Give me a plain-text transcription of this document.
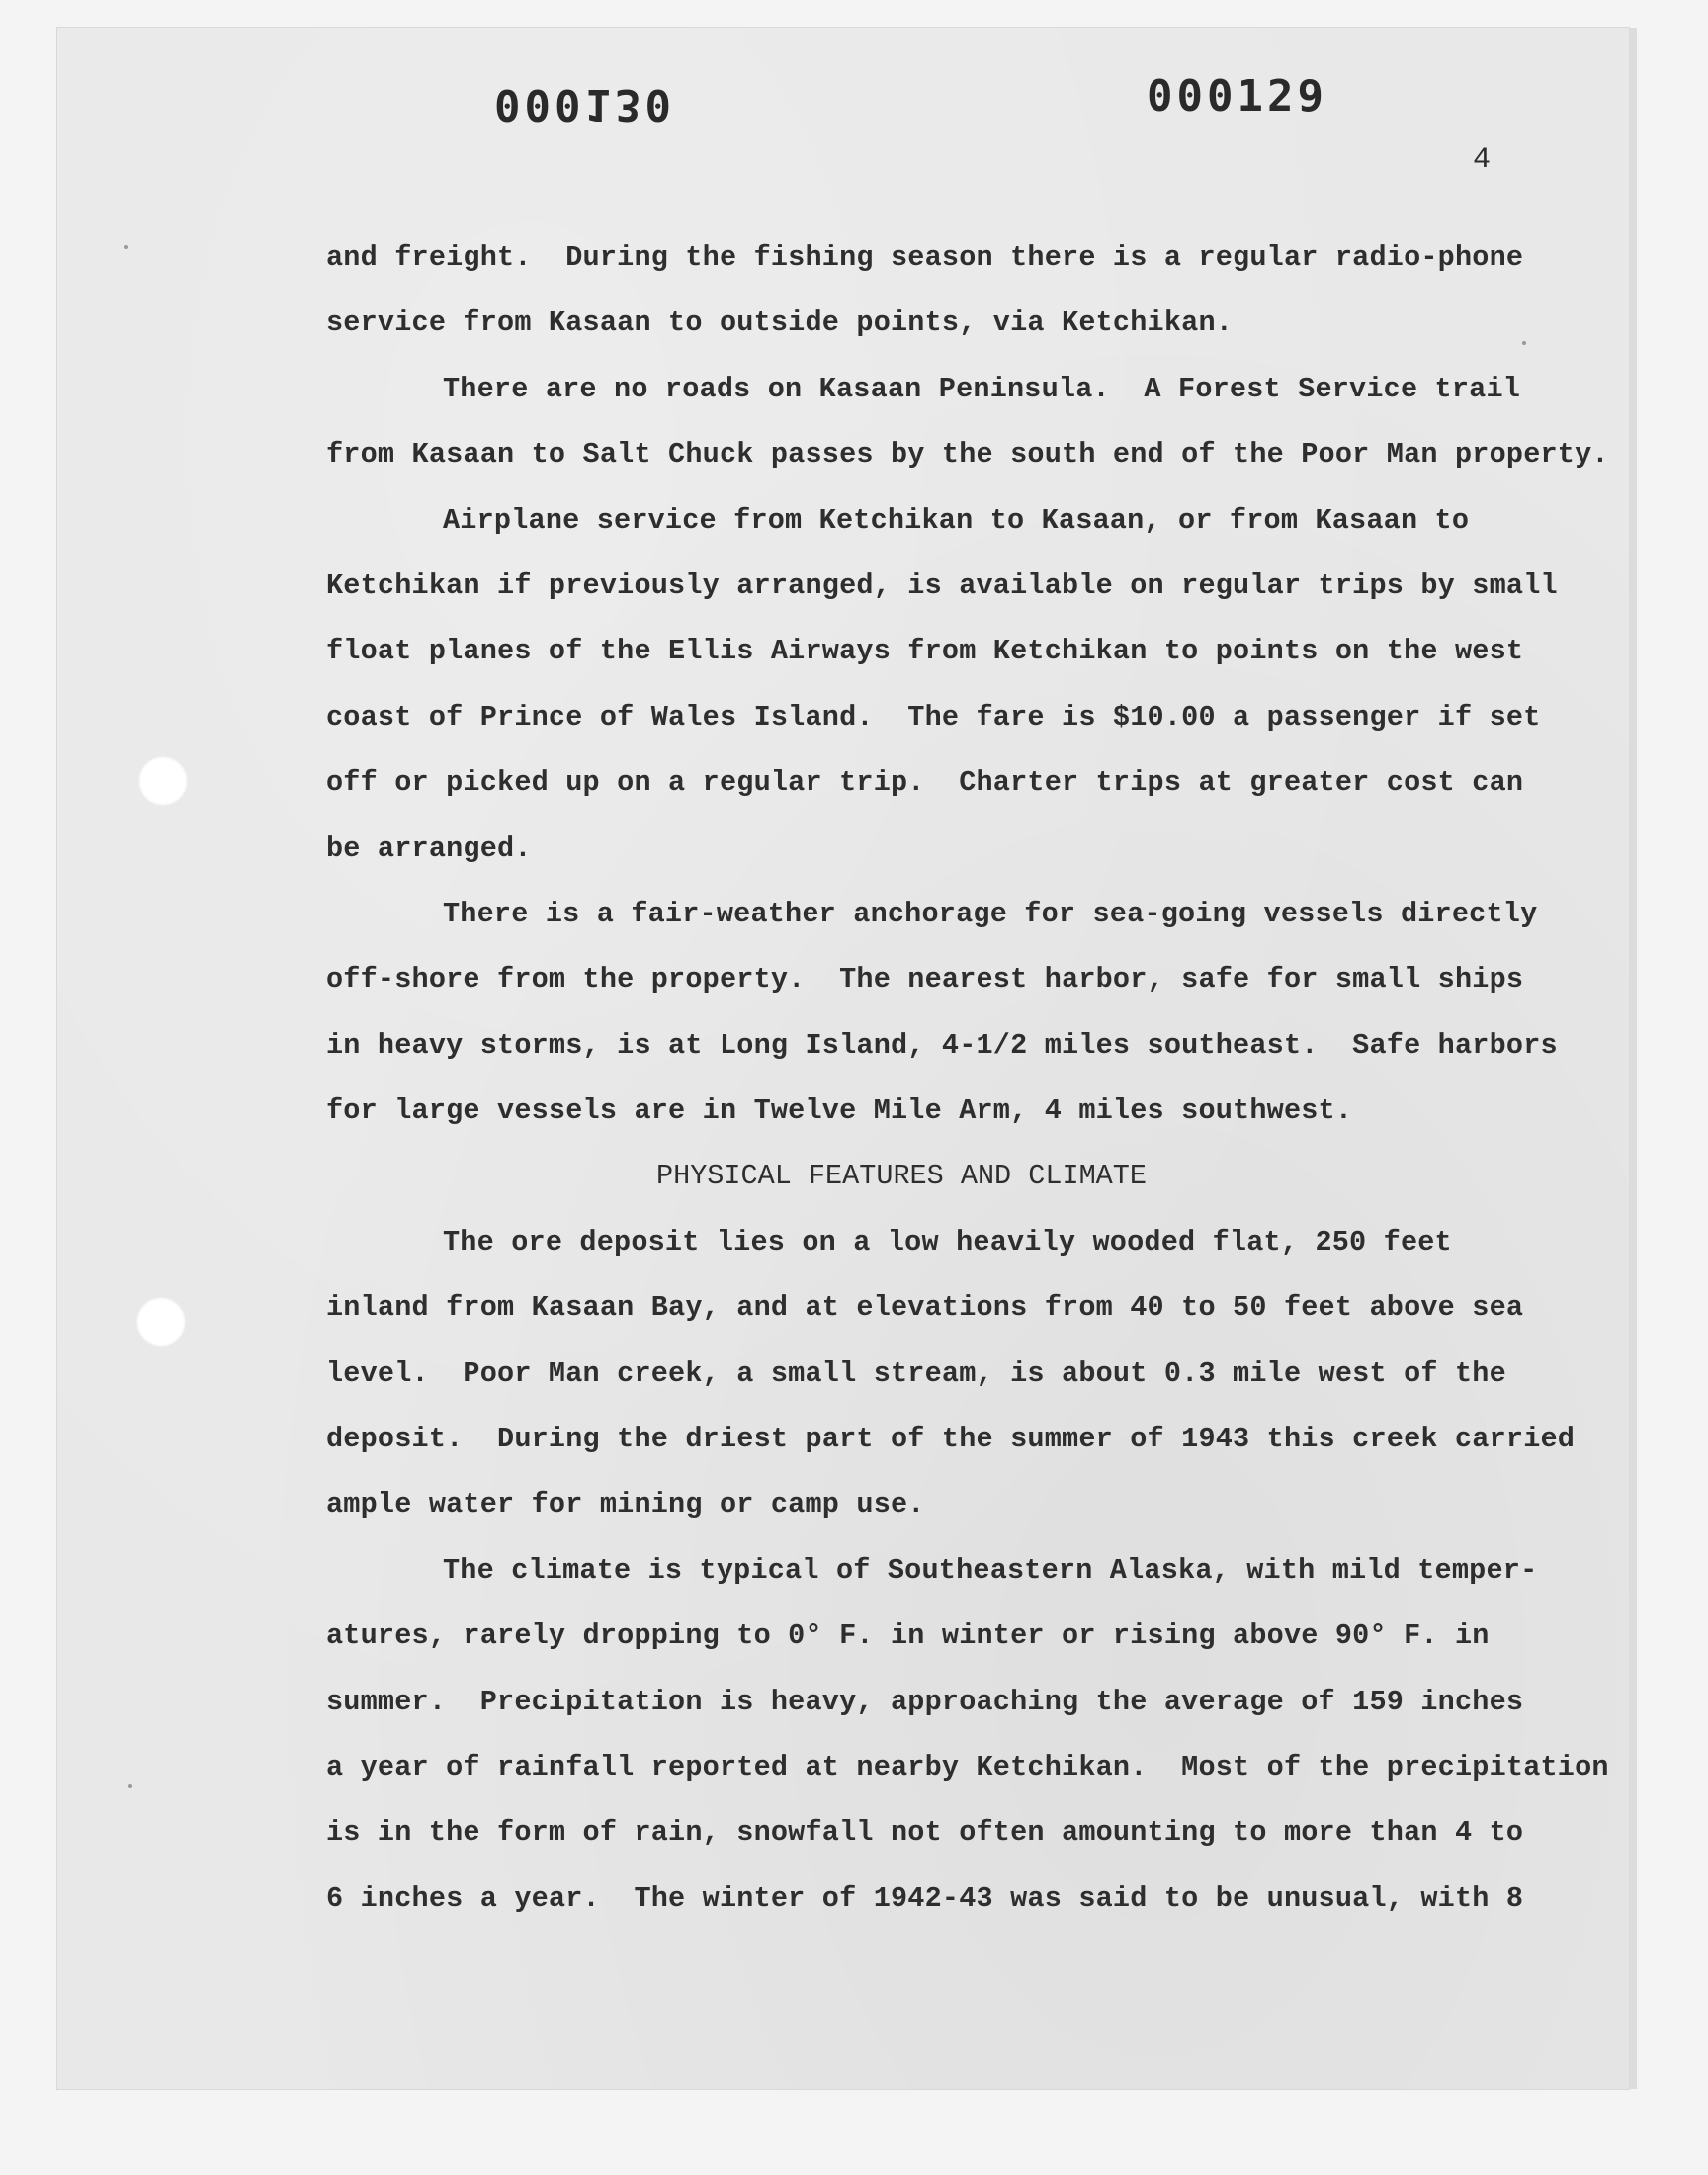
000130	000129
4
and freight.  During the fishing season there is a regular radio-phone
service from Kasaan to outside points, via Ketchikan.
There are no roads on Kasaan Peninsula.  A Forest Service trail
from Kasaan to Salt Chuck passes by the south end of the Poor Man property.
Airplane service from Ketchikan to Kasaan, or from Kasaan to
Ketchikan if previously arranged, is available on regular trips by small
float planes of the Ellis Airways from Ketchikan to points on the west
coast of Prince of Wales Island.  The fare is $10.00 a passenger if set
off or picked up on a regular trip.  Charter trips at greater cost can
be arranged.
There is a fair-weather anchorage for sea-going vessels directly
off-shore from the property.  The nearest harbor, safe for small ships
in heavy storms, is at Long Island, 4-1/2 miles southeast.  Safe harbors
for large vessels are in Twelve Mile Arm, 4 miles southwest.
PHYSICAL FEATURES AND CLIMATE
The ore deposit lies on a low heavily wooded flat, 250 feet
inland from Kasaan Bay, and at elevations from 40 to 50 feet above sea
level.  Poor Man creek, a small stream, is about 0.3 mile west of the
deposit.  During the driest part of the summer of 1943 this creek carried
ample water for mining or camp use.
The climate is typical of Southeastern Alaska, with mild temper-
atures, rarely dropping to 0° F. in winter or rising above 90° F. in
summer.  Precipitation is heavy, approaching the average of 159 inches
a year of rainfall reported at nearby Ketchikan.  Most of the precipitation
is in the form of rain, snowfall not often amounting to more than 4 to
6 inches a year.  The winter of 1942-43 was said to be unusual, with 8
